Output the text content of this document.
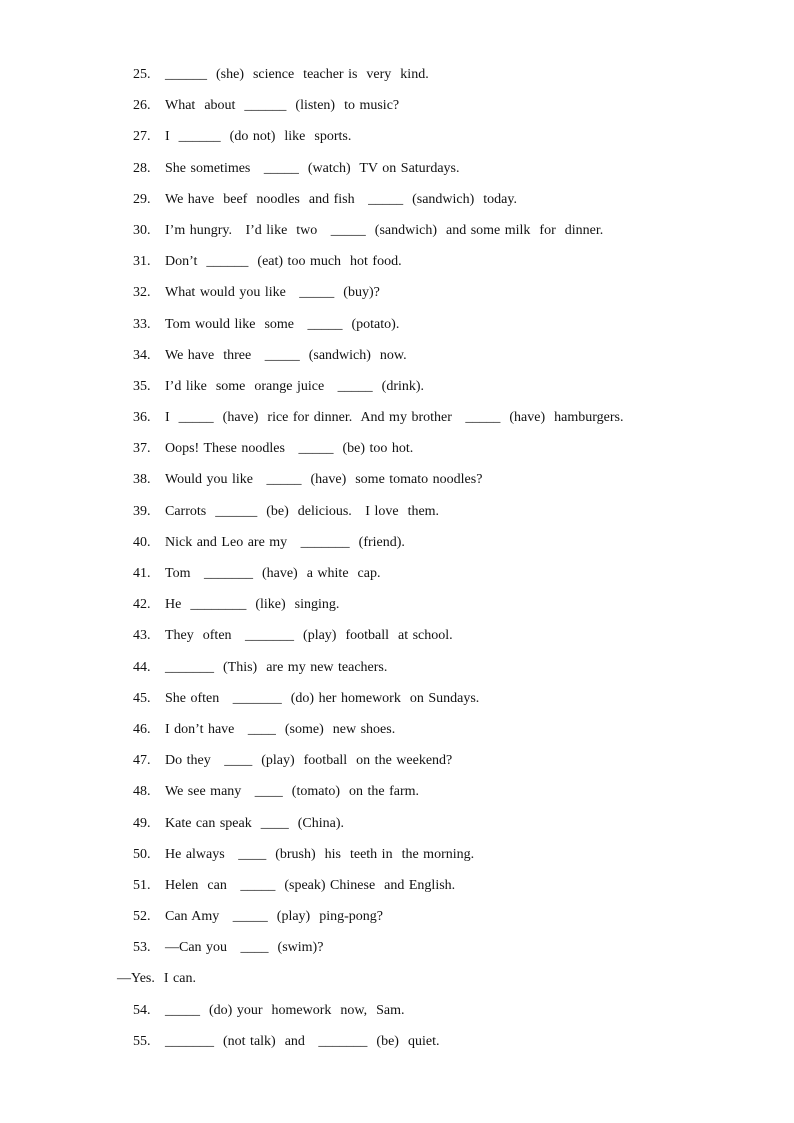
25. ______  (she)  science  teacher is  very  kind.
26. What  about  ______  (listen)  to music?
27. I  ______  (do not)  like  sports.
28. She sometimes   _____  (watch)  TV on Saturdays.
29. We have  beef  noodles  and fish   _____  (sandwich)  today.
30. I’m hungry.   I’d like  two   _____  (sandwich)  and some milk  for  dinner.
31. Don’t  ______  (eat) too much  hot food.
32. What would you like   _____  (buy)?
33. Tom would like  some   _____  (potato).
34. We have  three   _____  (sandwich)  now.
35. I’d like  some  orange juice   _____  (drink).
36. I  _____  (have)  rice for dinner.  And my brother   _____  (have)  hamburgers.
37. Oops! These noodles   _____  (be) too hot.
38. Would you like   _____  (have)  some tomato noodles?
39. Carrots  ______  (be)  delicious.   I love  them.
40. Nick and Leo are my   _______  (friend).
41. Tom   _______  (have)  a white  cap.
42. He  ________  (like)  singing.
43. They  often   _______  (play)  football  at school.
44. _______  (This)  are my new teachers.
45. She often   _______  (do) her homework  on Sundays.
46. I don’t have   ____  (some)  new shoes.
47. Do they   ____  (play)  football  on the weekend?
48. We see many   ____  (tomato)  on the farm.
49. Kate can speak  ____  (China).
50. He always   ____  (brush)  his  teeth in  the morning.
51. Helen  can   _____  (speak) Chinese  and English.
52. Can Amy   _____  (play)  ping-pong?
53. —Can you   ____  (swim)?
—Yes.  I can.
54. _____  (do) your  homework  now,  Sam.
55. _______  (not talk)  and   _______  (be)  quiet.
